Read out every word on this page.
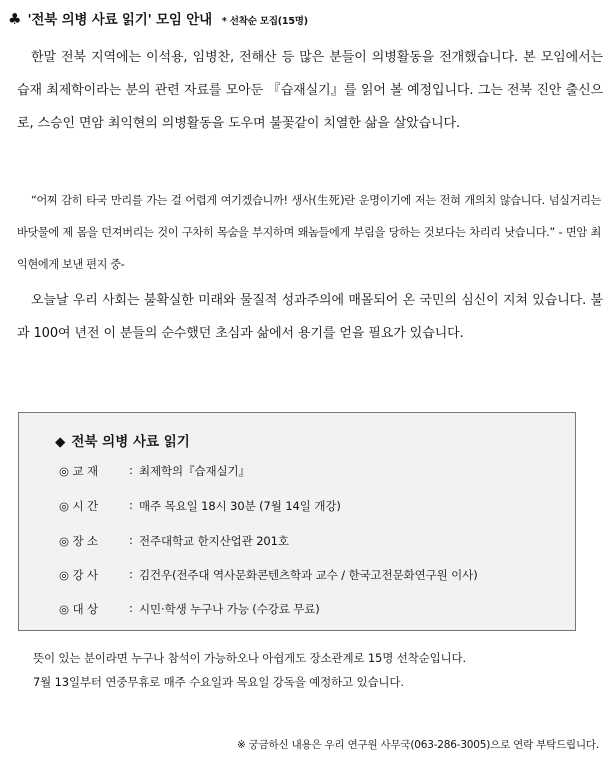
♣ '전북 의병 사료 읽기' 모임 안내 * 선착순 모집(15명)

한말 전북 지역에는 이석용, 임병찬, 전해산 등 많은 분들이 의병활동을 전개했습니다. 본 모임에서는 습재 최제학이라는 분의 관련 자료를 모아둔 『습재실기』를 읽어 볼 예정입니다. 그는 전북 진안 출신으로, 스승인 면암 최익현의 의병활동을 도우며 불꽃같이 치열한 삶을 살았습니다.

“어찌 감히 타국 만리를 가는 걸 어렵게 여기겠습니까! 생사(生死)란 운명이기에 저는 전혀 개의치 않습니다. 넘실거리는 바닷물에 제 몸을 던져버리는 것이 구차히 목숨을 부지하며 왜놈들에게 부림을 당하는 것보다는 차리리 낫습니다.” - 면암 최익현에게 보낸 편지 중-

오늘날 우리 사회는 불확실한 미래와 물질적 성과주의에 매몰되어 온 국민의 심신이 지쳐 있습니다. 불과 100여 년전 이 분들의 순수했던 초심과 삶에서 용기를 얻을 필요가 있습니다.

◆ 전북 의병 사료 읽기
◎ 교 재	: 최제학의『습재실기』
◎ 시 간	: 매주 목요일 18시 30분 (7월 14일 개강)
◎ 장 소	: 전주대학교 한지산업관 201호
◎ 강 사	: 김건우(전주대 역사문화콘텐츠학과 교수 / 한국고전문화연구원 이사)
◎ 대 상	: 시민‧학생 누구나 가능 (수강료 무료)
뜻이 있는 분이라면 누구나 참석이 가능하오나 아쉽게도 장소관계로 15명 선착순입니다.
7월 13일부터 연중무휴로 매주 수요일과 목요일 강독을 예정하고 있습니다.
※ 궁금하신 내용은 우리 연구원 사무국(063-286-3005)으로 연락 부탁드립니다.
